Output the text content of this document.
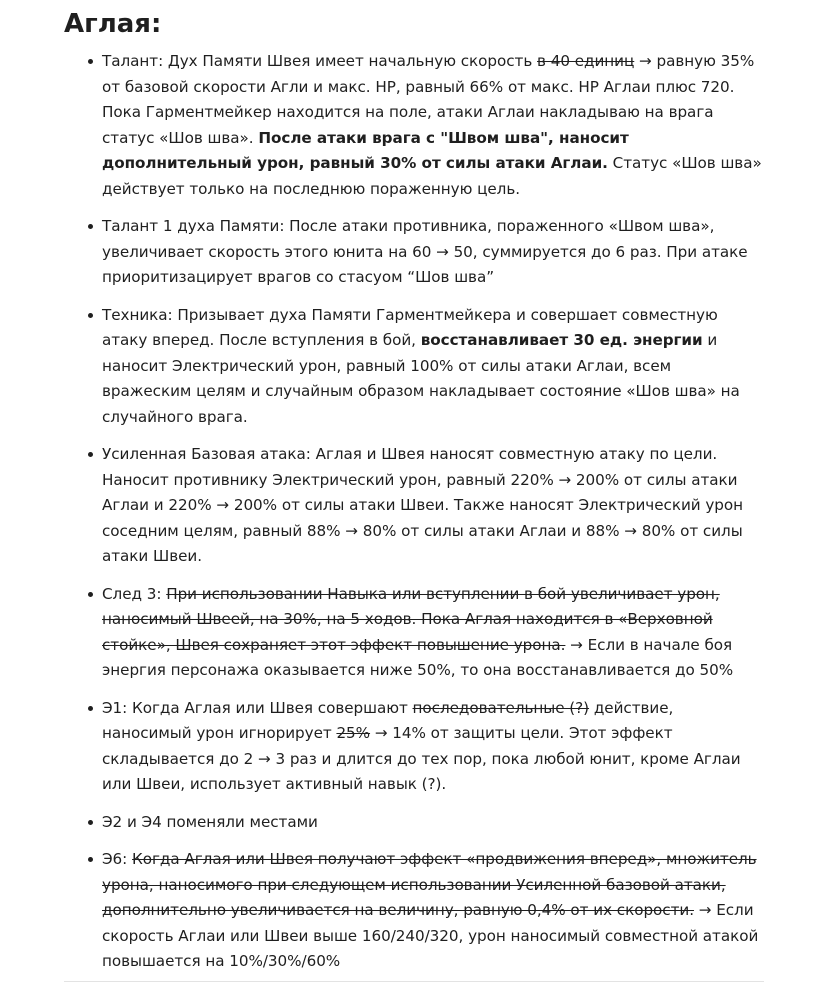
Аглая:
Талант: Дух Памяти Швея имеет начальную скорость в 40 единиц → равную 35% от базовой скорости Агли и макс. HP, равный 66% от макс. HP Аглаи плюс 720. Пока Гарментмейкер находится на поле, атаки Аглаи накладываю на врага статус «Шов шва». После атаки врага с "Швом шва", наносит дополнительный урон, равный 30% от силы атаки Аглаи. Статус «Шов шва» действует только на последнюю пораженную цель.
Талант 1 духа Памяти: После атаки противника, пораженного «Швом шва», увеличивает скорость этого юнита на 60 → 50, суммируется до 6 раз. При атаке приоритизацирует врагов со стасуом “Шов шва”
Техника: Призывает духа Памяти Гарментмейкера и совершает совместную атаку вперед. После вступления в бой, восстанавливает 30 ед. энергии и наносит Электрический урон, равный 100% от силы атаки Аглаи, всем вражеским целям и случайным образом накладывает состояние «Шов шва» на случайного врага.
Усиленная Базовая атака: Аглая и Швея наносят совместную атаку по цели. Наносит противнику Электрический урон, равный 220% → 200% от силы атаки Аглаи и 220% → 200% от силы атаки Швеи. Также наносят Электрический урон соседним целям, равный 88% → 80% от силы атаки Аглаи и 88% → 80% от силы атаки Швеи.
След 3: При использовании Навыка или вступлении в бой увеличивает урон, наносимый Швеей, на 30%, на 5 ходов. Пока Аглая находится в «Верховной стойке», Швея сохраняет этот эффект повышение урона. → Если в начале боя энергия персонажа оказывается ниже 50%, то она восстанавливается до 50%
Э1: Когда Аглая или Швея совершают последовательные (?) действие, наносимый урон игнорирует 25% → 14% от защиты цели. Этот эффект складывается до 2 → 3 раз и длится до тех пор, пока любой юнит, кроме Аглаи или Швеи, использует активный навык (?).
Э2 и Э4 поменяли местами
Э6: Когда Аглая или Швея получают эффект «продвижения вперед», множитель урона, наносимого при следующем использовании Усиленной базовой атаки, дополнительно увеличивается на величину, равную 0,4% от их скорости. → Если скорость Аглаи или Швеи выше 160/240/320, урон наносимый совместной атакой повышается на 10%/30%/60%
